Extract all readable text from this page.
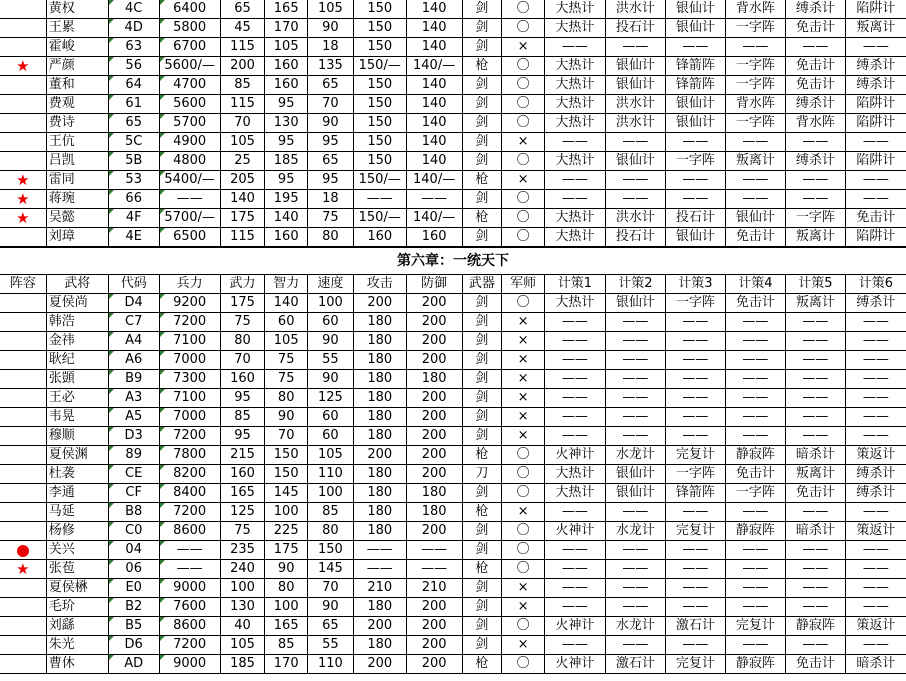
	黄权	4C	6400	65	165	105	150	140	剑	〇	大热计	洪水计	银仙计	背水阵	缚杀计	陷阱计
	王累	4D	5800	45	170	90	150	140	剑	〇	大热计	投石计	银仙计	一字阵	免击计	叛离计
	霍峻	63	6700	115	105	18	150	140	剑	×	——	——	——	——	——	——
★	严颜	56	5600/—	200	160	135	150/—	140/—	枪	〇	大热计	银仙计	锋箭阵	一字阵	免击计	缚杀计
	董和	64	4700	85	160	65	150	140	剑	〇	大热计	银仙计	锋箭阵	一字阵	免击计	缚杀计
	费观	61	5600	115	95	70	150	140	剑	〇	大热计	洪水计	银仙计	背水阵	缚杀计	陷阱计
	费诗	65	5700	70	130	90	150	140	剑	〇	大热计	洪水计	银仙计	一字阵	背水阵	陷阱计
	王伉	5C	4900	105	95	95	150	140	剑	×	——	——	——	——	——	——
	吕凯	5B	4800	25	185	65	150	140	剑	〇	大热计	银仙计	一字阵	叛离计	缚杀计	陷阱计
★	雷同	53	5400/—	205	95	95	150/—	140/—	枪	×	——	——	——	——	——	——
★	蒋琬	66	——	140	195	18	——	——	剑	〇	——	——	——	——	——	——
★	吴懿	4F	5700/—	175	140	75	150/—	140/—	枪	〇	大热计	洪水计	投石计	银仙计	一字阵	免击计
	刘璋	4E	6500	115	160	80	160	160	剑	〇	大热计	投石计	银仙计	免击计	叛离计	陷阱计
第六章：一统天下																
阵容	武将	代码	兵力	武力	智力	速度	攻击	防御	武器	军师	计策1	计策2	计策3	计策4	计策5	计策6
	夏侯尚	D4	9200	175	140	100	200	200	剑	〇	大热计	银仙计	一字阵	免击计	叛离计	缚杀计
	韩浩	C7	7200	75	60	60	180	200	剑	×	——	——	——	——	——	——
	金祎	A4	7100	80	105	90	180	200	剑	×	——	——	——	——	——	——
	耿纪	A6	7000	70	75	55	180	200	剑	×	——	——	——	——	——	——
	张顗	B9	7300	160	75	90	180	180	剑	×	——	——	——	——	——	——
	王必	A3	7100	95	80	125	180	200	剑	×	——	——	——	——	——	——
	韦晃	A5	7000	85	90	60	180	200	剑	×	——	——	——	——	——	——
	穆顺	D3	7200	95	70	60	180	200	剑	×	——	——	——	——	——	——
	夏侯渊	89	7800	215	150	105	200	200	枪	〇	火神计	水龙计	完复计	静寂阵	暗杀计	策返计
	杜袭	CE	8200	160	150	110	180	200	刀	〇	大热计	银仙计	一字阵	免击计	叛离计	缚杀计
	李通	CF	8400	165	145	100	180	180	剑	〇	大热计	银仙计	锋箭阵	一字阵	免击计	缚杀计
	马延	B8	7200	125	100	85	180	180	枪	×	——	——	——	——	——	——
	杨修	C0	8600	75	225	80	180	200	剑	〇	火神计	水龙计	完复计	静寂阵	暗杀计	策返计
	关兴	04	——	235	175	150	——	——	剑	〇	——	——	——	——	——	——
★	张苞	06	——	240	90	145	——	——	枪	〇	——	——	——	——	——	——
	夏侯楙	E0	9000	100	80	70	210	210	剑	×	——	——	——	——	——	——
	毛玠	B2	7600	130	100	90	180	200	剑	×	——	——	——	——	——	——
	刘繇	B5	8600	40	165	65	200	200	剑	〇	火神计	水龙计	激石计	完复计	静寂阵	策返计
	朱光	D6	7200	105	85	55	180	200	剑	×	——	——	——	——	——	——
	曹休	AD	9000	185	170	110	200	200	枪	〇	火神计	激石计	完复计	静寂阵	免击计	暗杀计
